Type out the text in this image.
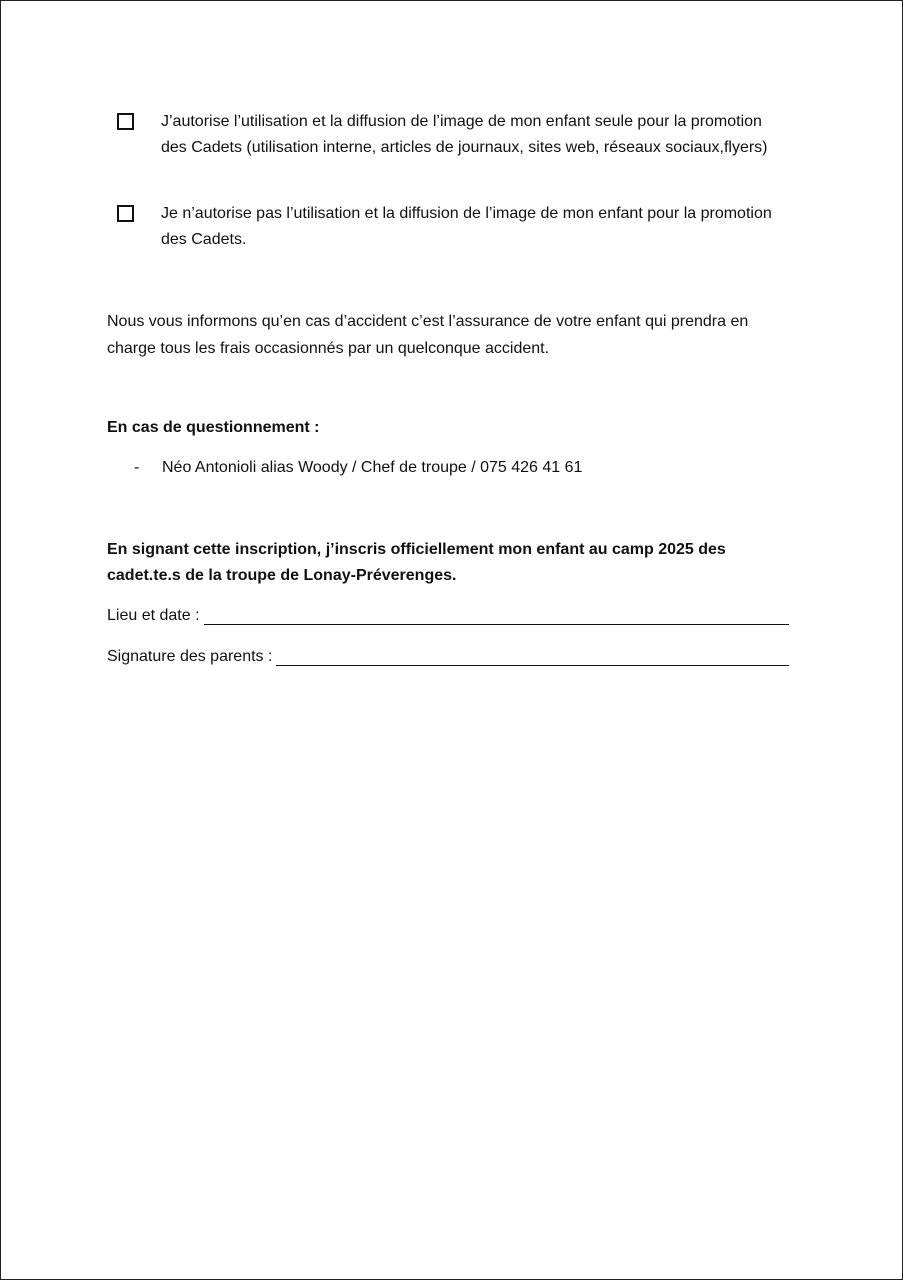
J’autorise l’utilisation et la diffusion de l’image de mon enfant seule pour la promotion des Cadets (utilisation interne, articles de journaux, sites web, réseaux sociaux,flyers)
Je n’autorise pas l’utilisation et la diffusion de l’image de mon enfant pour la promotion des Cadets.
Nous vous informons qu’en cas d’accident c’est l’assurance de votre enfant qui prendra en charge tous les frais occasionnés par un quelconque accident.
En cas de questionnement :
- Néo Antonioli alias Woody / Chef de troupe / 075 426 41 61
En signant cette inscription, j’inscris officiellement mon enfant au camp 2025 des cadet.te.s de la troupe de Lonay-Préverenges.
Lieu et date :
Signature des parents :
